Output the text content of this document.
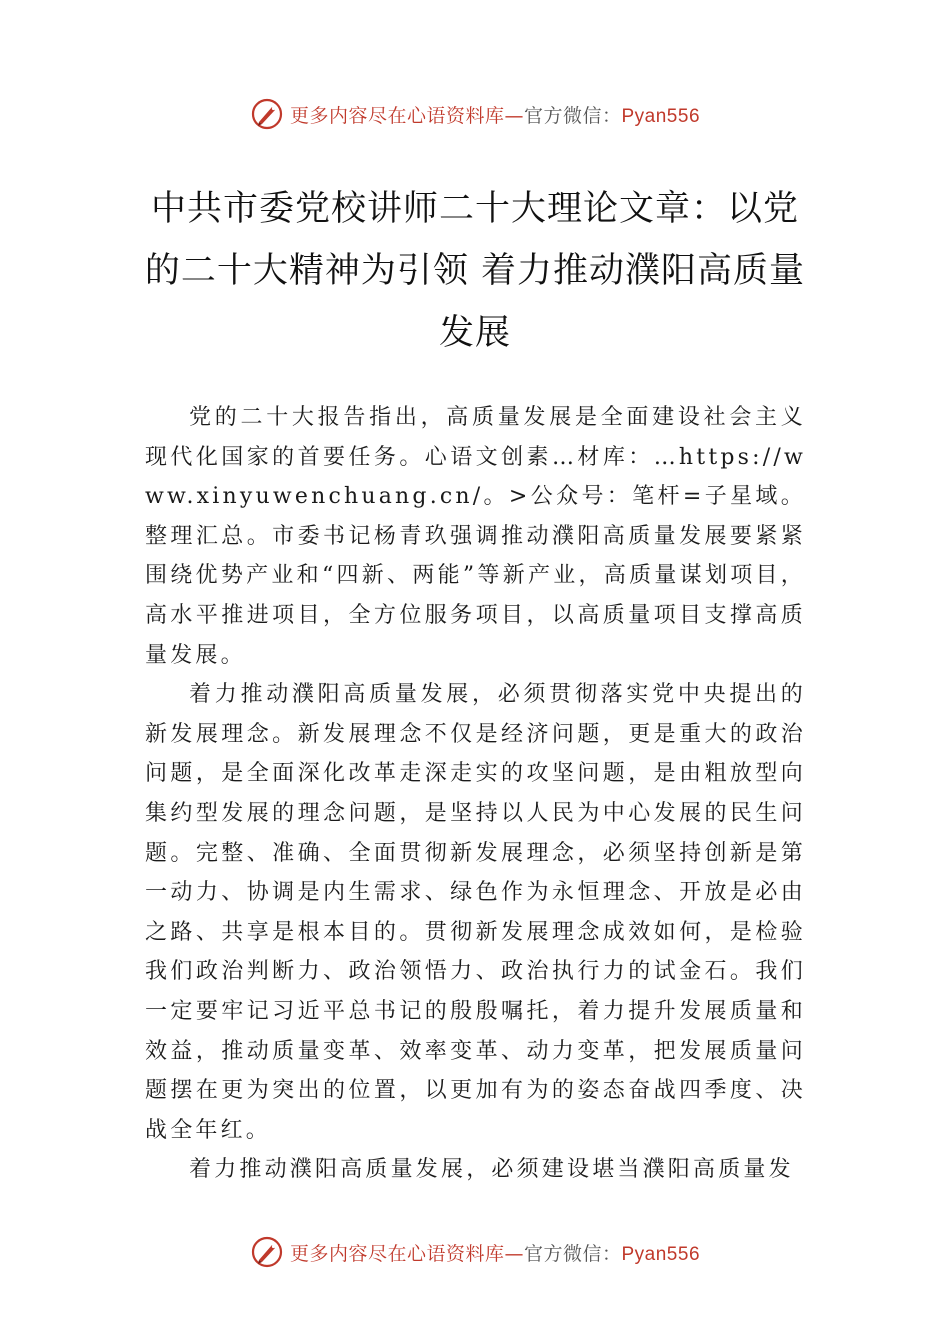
更多内容尽在心语资料库—官方微信：Pyan556
中共市委党校讲师二十大理论文章：以党的二十大精神为引领 着力推动濮阳高质量发展

党的二十大报告指出，高质量发展是全面建设社会主义现代化国家的首要任务。心语文创素…材库：…https://www.xinyuwenchuang.cn/。>公众号：笔杆=子星域。整理汇总。市委书记杨青玖强调推动濮阳高质量发展要紧紧围绕优势产业和“四新、两能”等新产业，高质量谋划项目，高水平推进项目，全方位服务项目，以高质量项目支撑高质量发展。

着力推动濮阳高质量发展，必须贯彻落实党中央提出的新发展理念。新发展理念不仅是经济问题，更是重大的政治问题，是全面深化改革走深走实的攻坚问题，是由粗放型向集约型发展的理念问题，是坚持以人民为中心发展的民生问题。完整、准确、全面贯彻新发展理念，必须坚持创新是第一动力、协调是内生需求、绿色作为永恒理念、开放是必由之路、共享是根本目的。贯彻新发展理念成效如何，是检验我们政治判断力、政治领悟力、政治执行力的试金石。我们一定要牢记习近平总书记的殷殷嘱托，着力提升发展质量和效益，推动质量变革、效率变革、动力变革，把发展质量问题摆在更为突出的位置，以更加有为的姿态奋战四季度、决战全年红。

着力推动濮阳高质量发展，必须建设堪当濮阳高质量发

更多内容尽在心语资料库—官方微信：Pyan556
